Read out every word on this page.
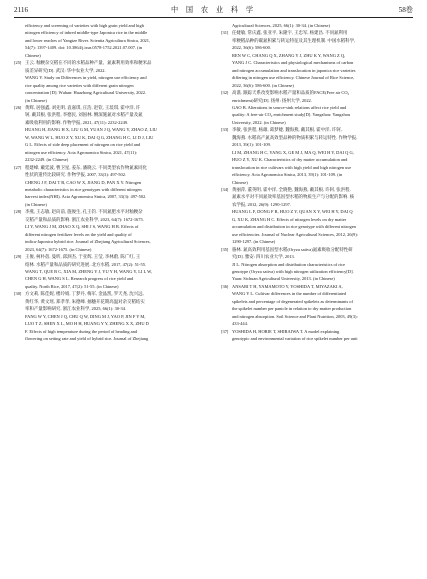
2116	中 国 农 业 科 学	58卷
efficiency and screening of varieties with high grain yield and high
nitrogen efficiency of inbred middle-type Japonica rice in the middle
and lower reaches of Yangtze River. Scientia Agricultura Sinica, 2021,
54(7): 1397-1409. doi: 10.3864/j.issn.0578-1752.2021.07.007. (in
Chinese)
[25] 王云. 籼粳杂交稻在不同的水稻品种产量、氮素利用效率和粳米品
质差异研究[D]. 武汉: 华中农业大学, 2022.
WANG Y. Study on Differences in yield, nitrogen use efficiency and
rice quality among rice varieties with different grain nitrogen
concentration [D]. Wuhan: Huazhong Agricultural University, 2022.
(in Chinese)
[26] 黄辉, 居强鑫, 刘先明, 袁嘉琪, 庄浩, 赵钦, 王琰琪, 霍中洋, 许
轲, 戴其根, 张洪程, 李德民, 刘国林. 侧深施氮对水稻产量及氮
素吸收利用的影响. 作物学报, 2021, 47(11): 2232-2249.
HUANG H, JIANG H X, LIU G M, YUAN J Q, WANG Y, ZHAO Z, LIU
W, WANG W L, HUO Z Y, XU K, DAI Q G, ZHANG H C, LI D J, LIU
G L. Effects of side deep placement of nitrogen on rice yield and
nitrogen use efficiency. Acta Agronomica Sinica, 2021, 47(11):
2232-2249. (in Chinese)
[27] 程建峰, 戴廷波, 曹卫星, 姜东, 潘晓云. 不同类型农作物氮素同化
性状的遗传比较研究. 作物学报, 2007, 33(3): 497-502.
CHENG J F, DAI T B, CAO W X, JIANG D, PAN X Y. Nitrogen
metabolic characteristics in rice genotypes with different nitrogen
harvest index(NHI). Acta Agronomica Sinica, 2007, 33(3): 497-502.
(in Chinese)
[28] 李燕, 王志敏, 赵向前, 施俊生, 孔王钧. 不同氮肥水平对籼粳杂
交稻产量和品质的影响. 浙江农业科学, 2023, 64(7): 1672-1675.
LI Y, WANG J M, ZHAO X Q, SHI J S, WANG H B. Effects of
different nitrogen fertilizer levels on the yield and quality of
indica-Japonica hybrid rice. Journal of Zhejiang Agricultural Sciences,
2023, 64(7): 1672-1675. (in Chinese)
[29] 王俊, 柯朴蓓, 曼昕, 邱泗杰, 于亚辉, 王莹, 李林蔚, 陈广红, 王
绍林. 水稻产量和品质的研究进展. 北方水稻, 2017, 47(2): 51-55.
WANG T, QUE B C, XIA M, ZHENG Y J, YU Y H, WANG Y, LI L W,
CHEN G H, WANG S L. Research progress of rice yield and
quality. North Rice, 2017, 47(2): 51-55. (in Chinese)
[30] 方文莉, 陈佳妮, 楼玲娟, 丁梦丹, 梅军, 金晶凯, 罗天尧, 沈兴远,
黄红华, 黄文瑶, 郑孝孝, 朱德峰. 抽穗开花期高温对杂交稻结实
率和产量影响研究. 浙江农业科学, 2025, 66(1): 30-34.
FANG W Y, CHEN J Q, CHU Q W, DING M J, YAO P, JIN F Y M,
LUO T Z, SHEN X L, MO H H, HUANG Y Y, ZHENG X X, ZHU D
F. Effects of high temperature during the period of heading and
flowering on setting rate and yield of hybrid rice. Journal of Zhejiang
Agricultural Sciences, 2025, 66(1): 30-34. (in Chinese)
[31] 任婕敏, 常庆鑫, 张亚平, 朱隆宇, 王忠军, 杨建昌. 不同氮利用
率粳稻品种的碳氮积累与转运特征及其生理机制. 中国水稻科学,
2022, 36(6): 586-600.
REN W C, CHANG Q X, ZHANG Y J, ZHU K Y, WANG Z Q,
YANG J C. Characteristics and physiological mechanisms of carbon
and nitrogen accumulation and translocation in japonica rice varieties
differing in nitrogen use efficiency. Chinese Journal of Rice Science,
2022, 36(6): 586-600. (in Chinese)
[32] 高谯. 跟踪天系改变影响水稻产量和品质的FACE(Free air CO₂
enrichment)研究[D]. 扬州: 扬州大学, 2022.
GAO B. Alterations in source-sink relations affect rice yield and
quality: A free-air CO₂ enrichment study[D]. Yangzhou: Yangzhou
University, 2022. (in Chinese)
[33] 李敏, 张洪程, 杨雄, 葛梦婕, 魏海燕, 戴其根, 霍中洋, 许轲,
魏海燕. 水稻高产氮高效型品种的物质积累与转运特性. 作物学报,
2013, 39(1): 101-109.
LI M, ZHANG H C, YANG X, GE M J, MA Q, WEI H Y, DAI Q G,
HUO Z Y, XU K. Characteristics of dry matter accumulation and
translocation in rice cultivars with high yield and high nitrogen use
efficiency. Acta Agronomica Sinica, 2013, 39(1): 101-109. (in
Chinese)
[34] 黄丽萍, 董英明, 霍中洋, 全晓艳, 魏海燕, 戴其根, 许轲, 张洪程.
氮素水平对不同氮效率基因型水稻的物质生产与分配的影响. 核
农学报, 2012, 26(9): 1290-1297.
HUANG L F, DONG F R, HUO Z Y, QUAN X Y, WEI H Y, DAI Q
G, XU K, ZHANG H C. Effects of nitrogen levels on dry matter
accumulation and distribution in rice genotype with different nitrogen
use efficiencies. Journal of Nuclear Agricultural Sciences, 2012, 26(9):
1290-1297. (in Chinese)
[35] 骆林. 氮高效利用基因型水稻(Oryza sativa)氮素吸收分配特性研
究[D]. 雅安: 四川农业大学, 2013.
JI L. Nitrogen absorption and distribution characteristics of rice
genotype (Oryza sativa) with high nitrogen utilization efficiency[D].
Yaan: Sichuan Agricultural University, 2013. (in Chinese)
[36] ANSARI T H, YAMAMOTO Y, YOSHIDA T, MIYAZAKI A,
WANG Y L. Cultivar differences in the number of differentiated
spikelets and percentage of degenerated spikelets as determinants of
the spikelet number per panicle in relation to dry matter production
and nitrogen absorption. Soil Science and Plant Nutrition, 2003, 49(3):
433-444.
[37] YOSHIDA H, HORIE T, SHIRAIWA T. A model explaining
genotypic and environmental variation of rice spikelet number per unit
